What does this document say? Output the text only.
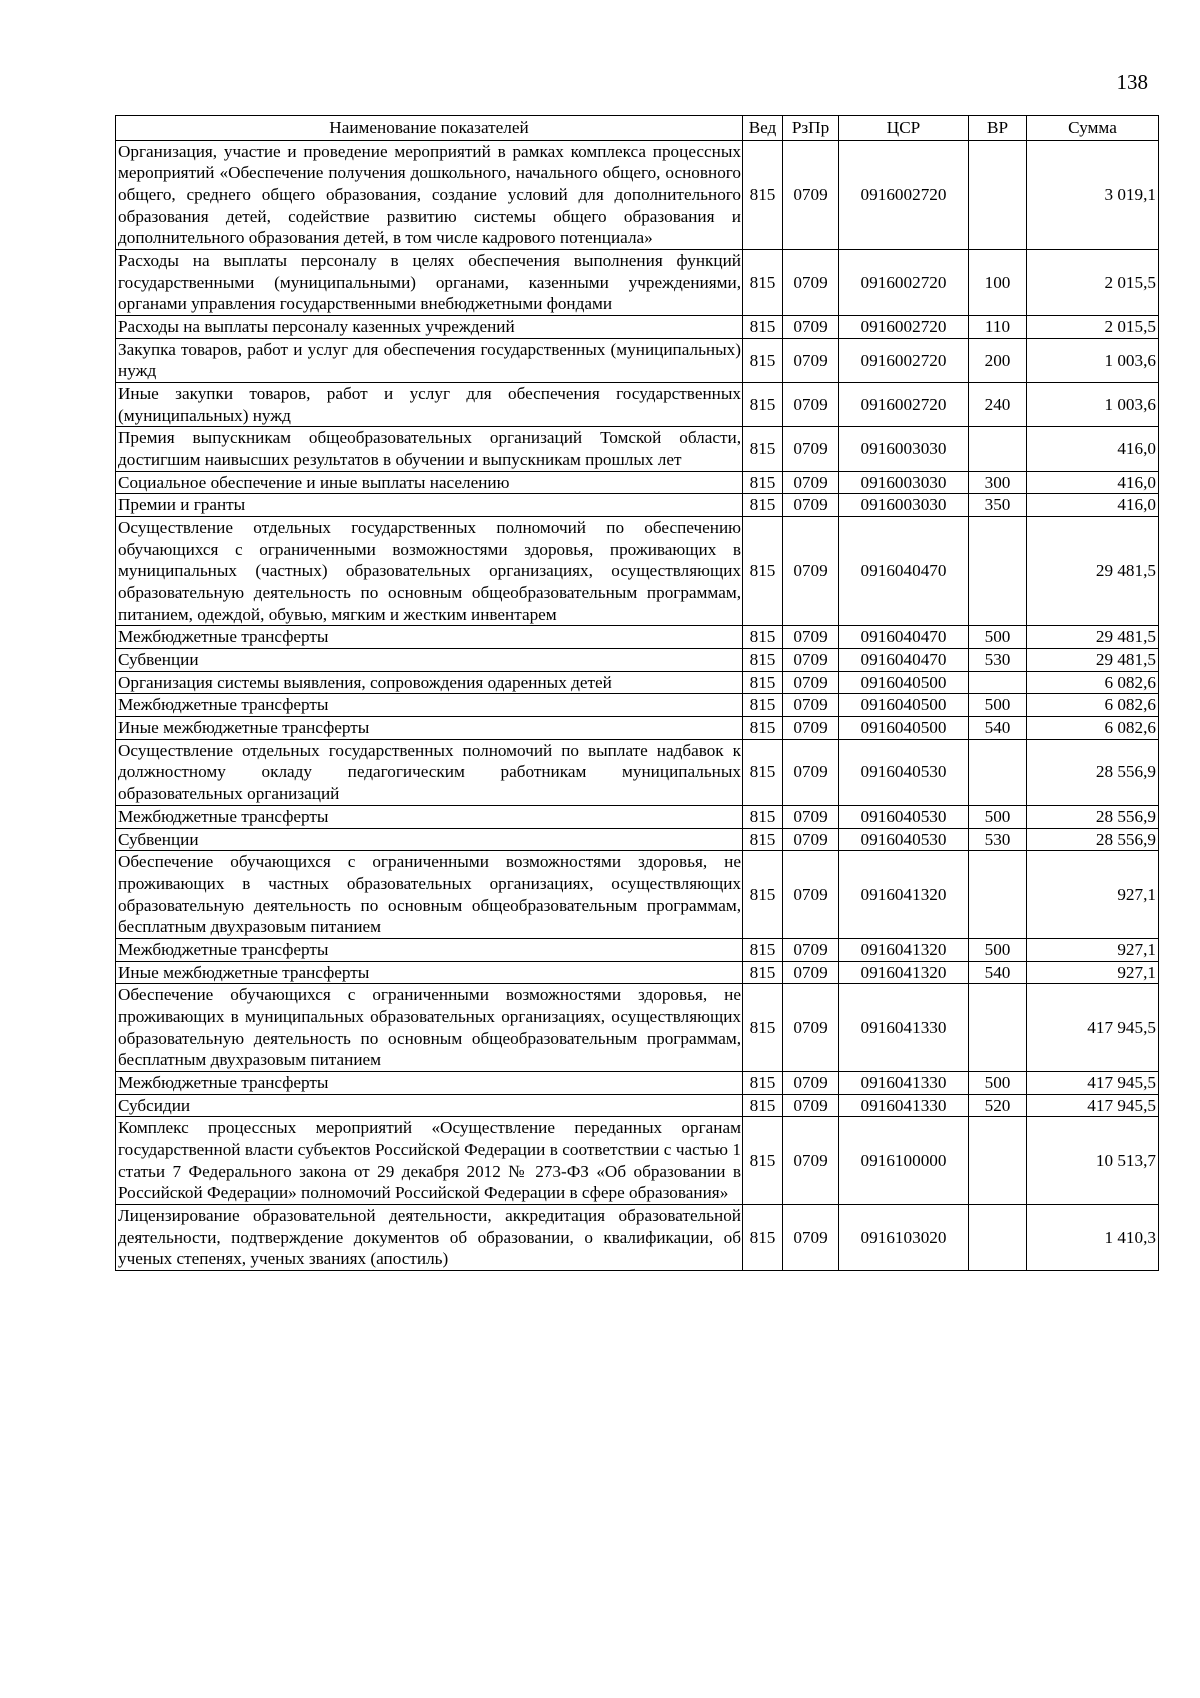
138
Наименование показателей	Вед	РзПр	ЦСР	ВР	Сумма
Организация, участие и проведение мероприятий в рамках комплекса процессных мероприятий «Обеспечение получения дошкольного, начального общего, основного общего, среднего общего образования, создание условий для дополнительного образования детей, содействие развитию системы общего образования и дополнительного образования детей, в том числе кадрового потенциала»	815	0709	0916002720		3 019,1
Расходы на выплаты персоналу в целях обеспечения выполнения функций государственными (муниципальными) органами, казенными учреждениями, органами управления государственными внебюджетными фондами	815	0709	0916002720	100	2 015,5
Расходы на выплаты персоналу казенных учреждений	815	0709	0916002720	110	2 015,5
Закупка товаров, работ и услуг для обеспечения государственных (муниципальных) нужд	815	0709	0916002720	200	1 003,6
Иные закупки товаров, работ и услуг для обеспечения государственных (муниципальных) нужд	815	0709	0916002720	240	1 003,6
Премия выпускникам общеобразовательных организаций Томской области, достигшим наивысших результатов в обучении и выпускникам прошлых лет	815	0709	0916003030		416,0
Социальное обеспечение и иные выплаты населению	815	0709	0916003030	300	416,0
Премии и гранты	815	0709	0916003030	350	416,0
Осуществление отдельных государственных полномочий по обеспечению обучающихся с ограниченными возможностями здоровья, проживающих в муниципальных (частных) образовательных организациях, осуществляющих образовательную деятельность по основным общеобразовательным программам, питанием, одеждой, обувью, мягким и жестким инвентарем	815	0709	0916040470		29 481,5
Межбюджетные трансферты	815	0709	0916040470	500	29 481,5
Субвенции	815	0709	0916040470	530	29 481,5
Организация системы выявления, сопровождения одаренных детей	815	0709	0916040500		6 082,6
Межбюджетные трансферты	815	0709	0916040500	500	6 082,6
Иные межбюджетные трансферты	815	0709	0916040500	540	6 082,6
Осуществление отдельных государственных полномочий по выплате надбавок к должностному окладу педагогическим работникам муниципальных образовательных организаций	815	0709	0916040530		28 556,9
Межбюджетные трансферты	815	0709	0916040530	500	28 556,9
Субвенции	815	0709	0916040530	530	28 556,9
Обеспечение обучающихся с ограниченными возможностями здоровья, не проживающих в частных образовательных организациях, осуществляющих образовательную деятельность по основным общеобразовательным программам, бесплатным двухразовым питанием	815	0709	0916041320		927,1
Межбюджетные трансферты	815	0709	0916041320	500	927,1
Иные межбюджетные трансферты	815	0709	0916041320	540	927,1
Обеспечение обучающихся с ограниченными возможностями здоровья, не проживающих в муниципальных образовательных организациях, осуществляющих образовательную деятельность по основным общеобразовательным программам, бесплатным двухразовым питанием	815	0709	0916041330		417 945,5
Межбюджетные трансферты	815	0709	0916041330	500	417 945,5
Субсидии	815	0709	0916041330	520	417 945,5
Комплекс процессных мероприятий «Осуществление переданных органам государственной власти субъектов Российской Федерации в соответствии с частью 1 статьи 7 Федерального закона от 29 декабря 2012 № 273-ФЗ «Об образовании в Российской Федерации» полномочий Российской Федерации в сфере образования»	815	0709	0916100000		10 513,7
Лицензирование образовательной деятельности, аккредитация образовательной деятельности, подтверждение документов об образовании, о квалификации, об ученых степенях, ученых званиях (апостиль)	815	0709	0916103020		1 410,3
